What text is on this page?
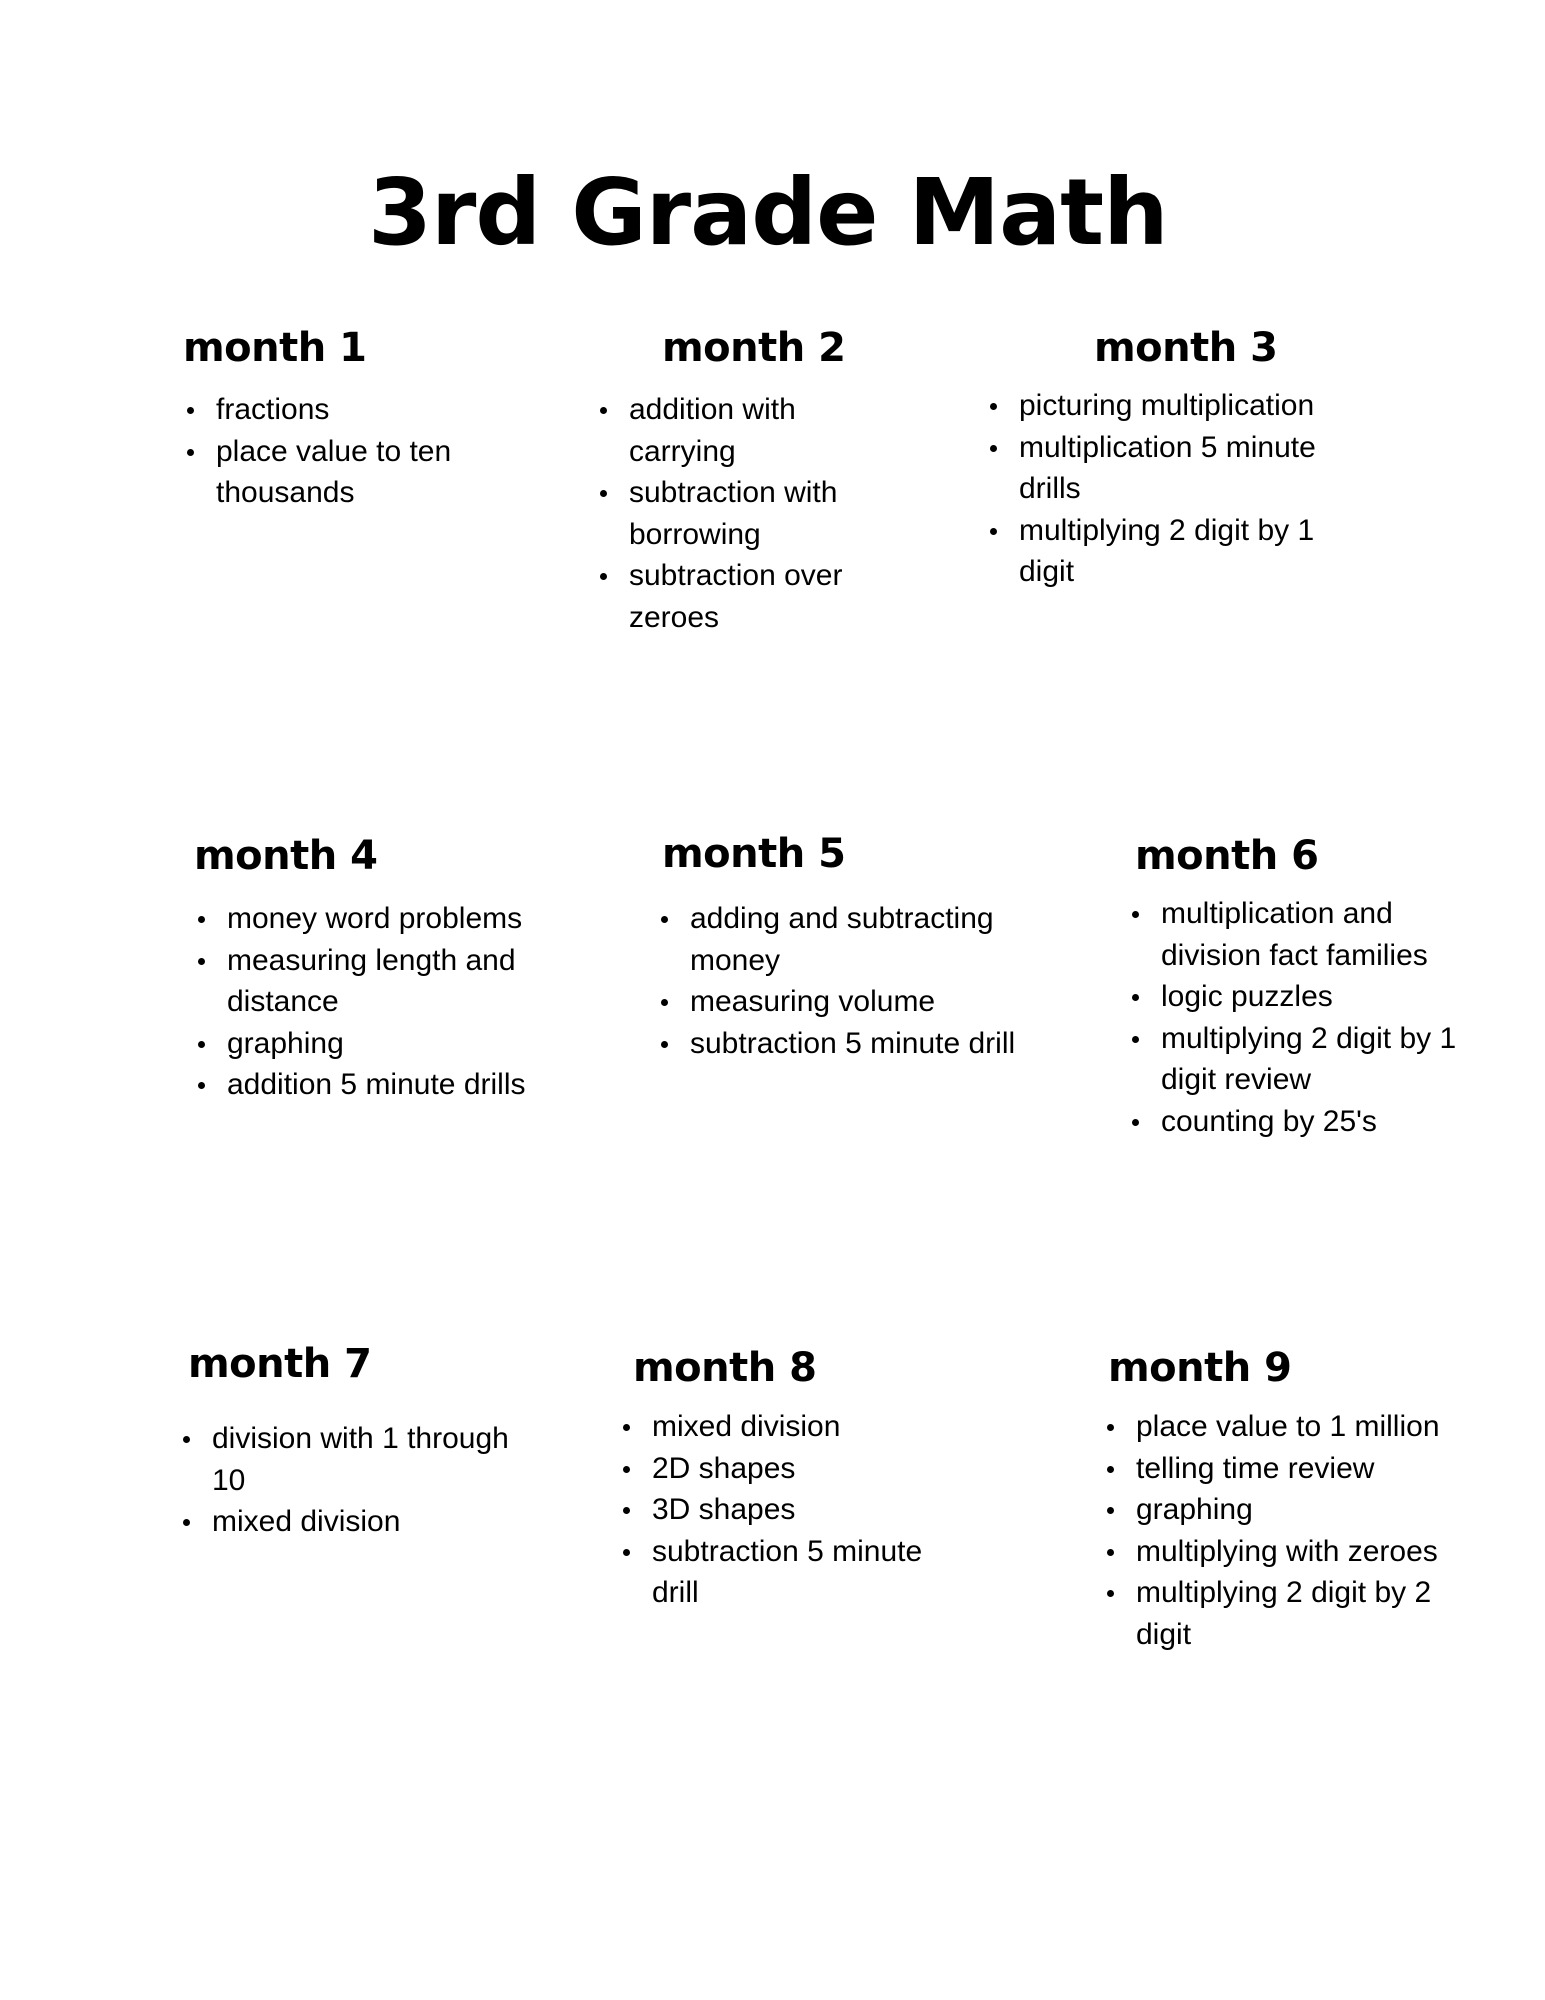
3rd Grade Math
month 1
fractions
place value to ten thousands
month 2
addition with carrying
subtraction with borrowing
subtraction over zeroes
month 3
picturing multiplication
multiplication 5 minute drills
multiplying 2 digit by 1 digit
month 4
money word problems
measuring length and distance
graphing
addition 5 minute drills
month 5
adding and subtracting money
measuring volume
subtraction 5 minute drill
month 6
multiplication and division fact families
logic puzzles
multiplying 2 digit by 1 digit review
counting by 25's
month 7
division with 1 through 10
mixed division
month 8
mixed division
2D shapes
3D shapes
subtraction 5 minute drill
month 9
place value to 1 million
telling time review
graphing
multiplying with zeroes
multiplying 2 digit by 2 digit
